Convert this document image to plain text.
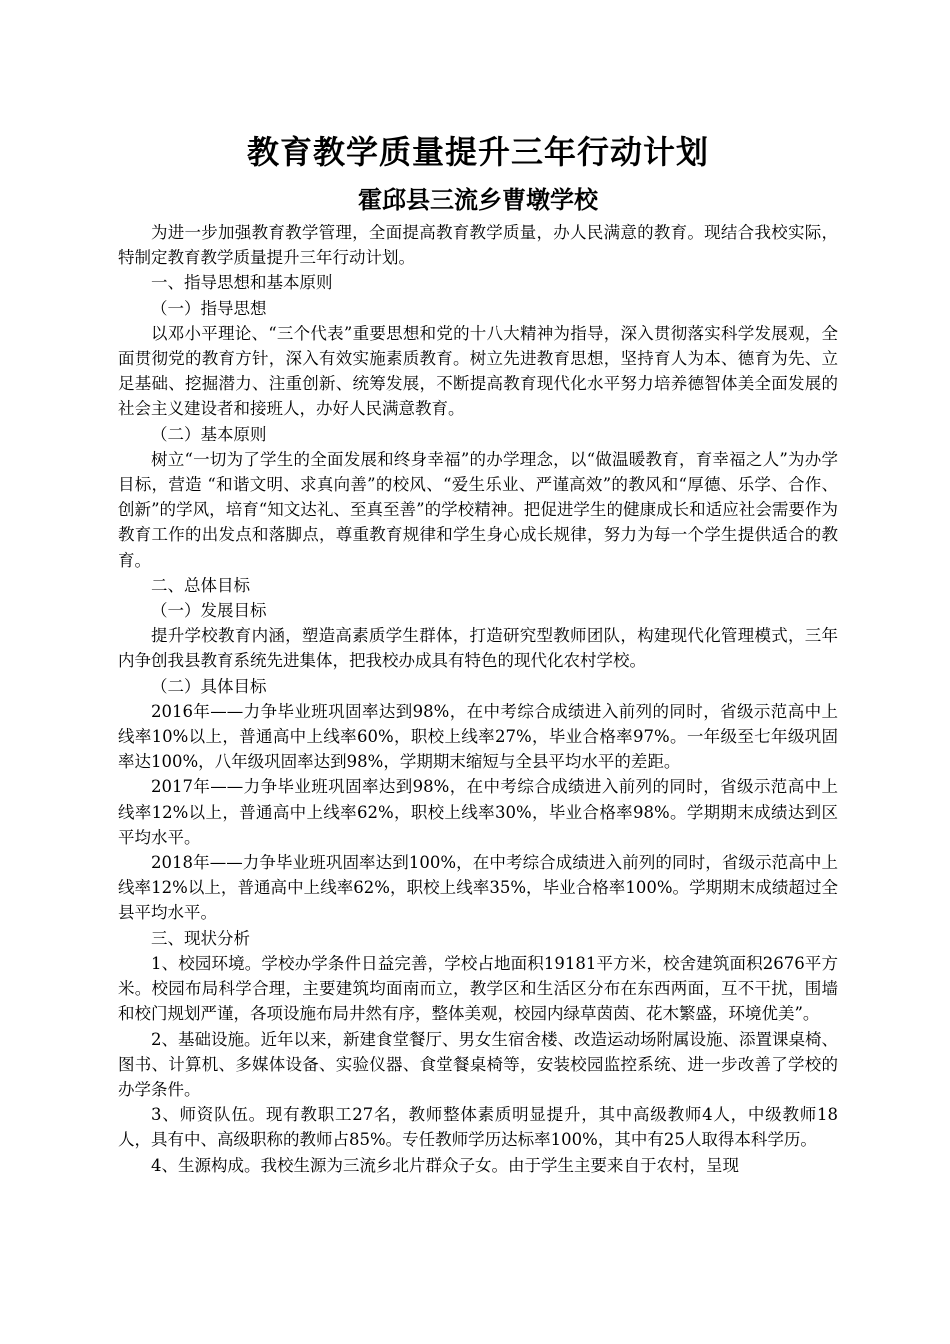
教育教学质量提升三年行动计划
霍邱县三流乡曹墩学校

为进一步加强教育教学管理，全面提高教育教学质量，办人民满意的教育。现结合我校实际，特制定教育教学质量提升三年行动计划。

一、指导思想和基本原则

（一）指导思想

以邓小平理论、“三个代表”重要思想和党的十八大精神为指导，深入贯彻落实科学发展观，全面贯彻党的教育方针，深入有效实施素质教育。树立先进教育思想，坚持育人为本、德育为先、立足基础、挖掘潜力、注重创新、统筹发展，不断提高教育现代化水平努力培养德智体美全面发展的社会主义建设者和接班人，办好人民满意教育。

（二）基本原则

树立“一切为了学生的全面发展和终身幸福”的办学理念，以“做温暖教育，育幸福之人”为办学目标，营造 “和谐文明、求真向善”的校风、“爱生乐业、严谨高效”的教风和“厚德、乐学、合作、创新”的学风，培育“知文达礼、至真至善”的学校精神。把促进学生的健康成长和适应社会需要作为教育工作的出发点和落脚点，尊重教育规律和学生身心成长规律，努力为每一个学生提供适合的教育。

二、总体目标

（一）发展目标

提升学校教育内涵，塑造高素质学生群体，打造研究型教师团队，构建现代化管理模式，三年内争创我县教育系统先进集体，把我校办成具有特色的现代化农村学校。

（二）具体目标

2016年——力争毕业班巩固率达到98%，在中考综合成绩进入前列的同时，省级示范高中上线率10%以上，普通高中上线率60%，职校上线率27%，毕业合格率97%。一年级至七年级巩固率达100%，八年级巩固率达到98%，学期期末缩短与全县平均水平的差距。

2017年——力争毕业班巩固率达到98%，在中考综合成绩进入前列的同时，省级示范高中上线率12%以上，普通高中上线率62%，职校上线率30%，毕业合格率98%。学期期末成绩达到区平均水平。

2018年——力争毕业班巩固率达到100%，在中考综合成绩进入前列的同时，省级示范高中上线率12%以上，普通高中上线率62%，职校上线率35%，毕业合格率100%。学期期末成绩超过全县平均水平。

三、现状分析

1、校园环境。学校办学条件日益完善，学校占地面积19181平方米，校舍建筑面积2676平方米。校园布局科学合理，主要建筑均面南而立，教学区和生活区分布在东西两面，互不干扰，围墙和校门规划严谨，各项设施布局井然有序，整体美观，校园内绿草茵茵、花木繁盛，环境优美”。

2、基础设施。近年以来，新建食堂餐厅、男女生宿舍楼、改造运动场附属设施、添置课桌椅、图书、计算机、多媒体设备、实验仪器、食堂餐桌椅等，安装校园监控系统、进一步改善了学校的办学条件。

3、师资队伍。现有教职工27名，教师整体素质明显提升，其中高级教师4人，中级教师18人，具有中、高级职称的教师占85%。专任教师学历达标率100%，其中有25人取得本科学历。

4、生源构成。我校生源为三流乡北片群众子女。由于学生主要来自于农村，呈现
